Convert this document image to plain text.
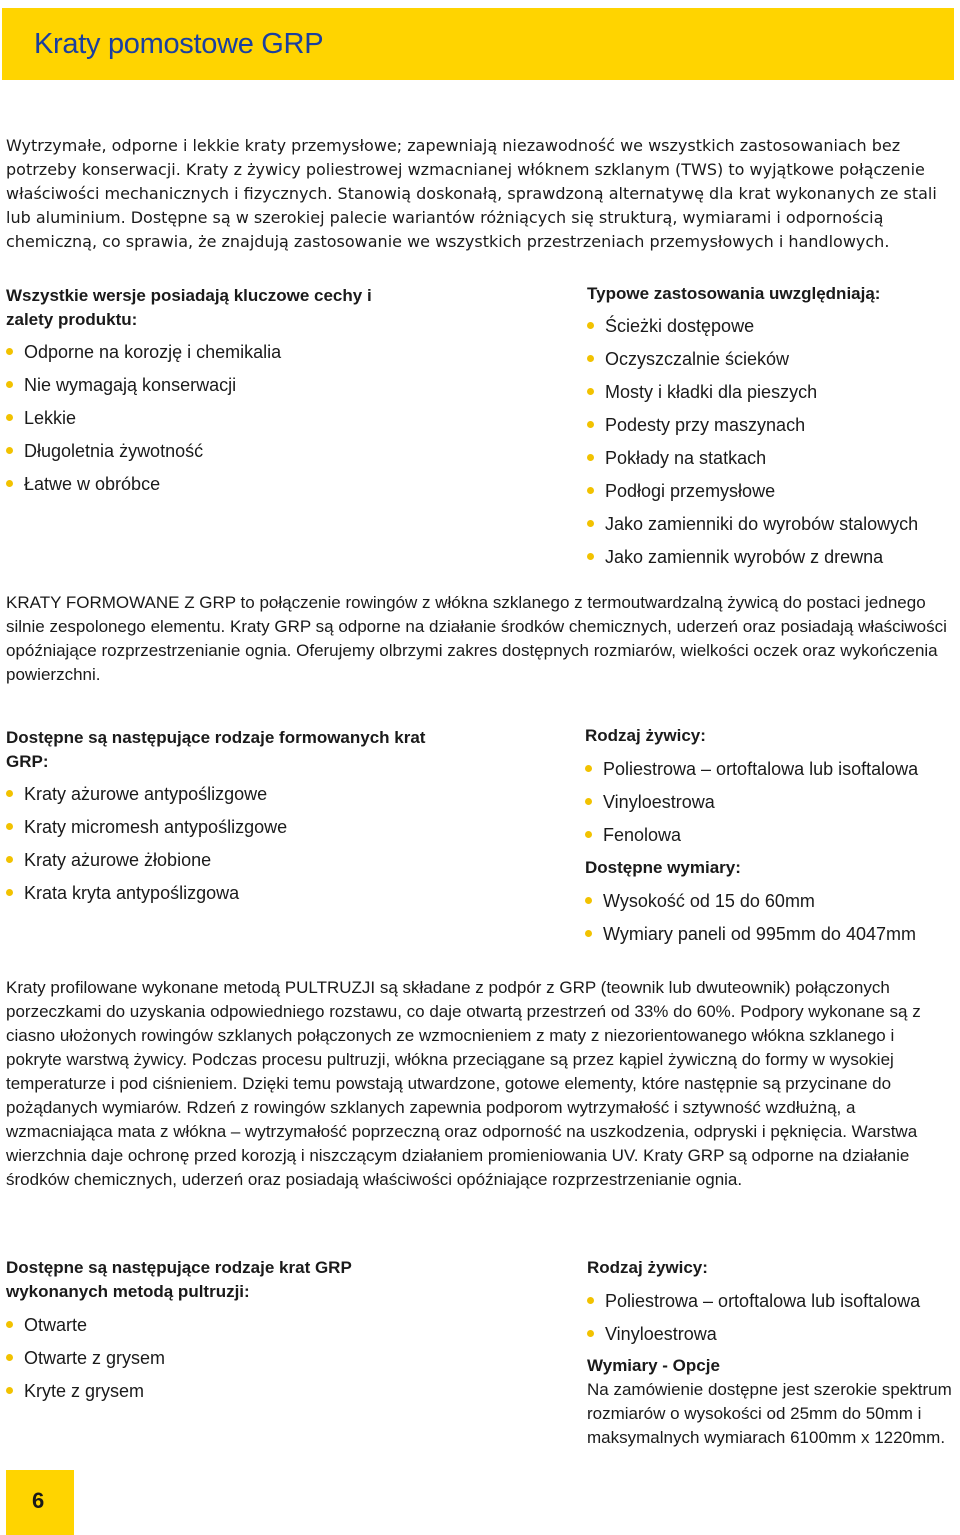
Kraty pomostowe GRP

Wytrzymałe, odporne i lekkie kraty przemysłowe; zapewniają niezawodność we wszystkich zastosowaniach bez potrzeby konserwacji. Kraty z żywicy poliestrowej wzmacnianej włóknem szklanym (TWS) to wyjątkowe połączenie właściwości mechanicznych i fizycznych. Stanowią doskonałą, sprawdzoną alternatywę dla krat wykonanych ze stali lub aluminium. Dostępne są w szerokiej palecie wariantów różniących się strukturą, wymiarami i odpornością chemiczną, co sprawia, że znajdują zastosowanie we wszystkich przestrzeniach przemysłowych i handlowych.

Wszystkie wersje posiadają kluczowe cechy i zalety produktu:

Odporne na korozję i chemikalia
Nie wymagają konserwacji
Lekkie
Długoletnia żywotność
Łatwe w obróbce

Typowe zastosowania uwzględniają:

Ścieżki dostępowe
Oczyszczalnie ścieków
Mosty i kładki dla pieszych
Podesty przy maszynach
Pokłady na statkach
Podłogi przemysłowe
Jako zamienniki do wyrobów stalowych
Jako zamiennik wyrobów z drewna

KRATY FORMOWANE Z GRP to połączenie rowingów z włókna szklanego z termoutwardzalną żywicą do postaci jednego silnie zespolonego elementu. Kraty GRP są odporne na działanie środków chemicznych, uderzeń oraz posiadają właściwości opóźniające rozprzestrzenianie ognia. Oferujemy olbrzymi zakres dostępnych rozmiarów, wielkości oczek oraz wykończenia powierzchni.

Dostępne są następujące rodzaje formowanych krat GRP:

Kraty ażurowe antypoślizgowe
Kraty micromesh antypoślizgowe
Kraty ażurowe żłobione
Krata kryta antypoślizgowa

Rodzaj żywicy:

Poliestrowa – ortoftalowa lub isoftalowa
Vinyloestrowa
Fenolowa

Dostępne wymiary:

Wysokość od 15 do 60mm
Wymiary paneli od 995mm do 4047mm

Kraty profilowane wykonane metodą PULTRUZJI są składane z podpór z GRP (teownik lub dwuteownik) połączonych porzeczkami do uzyskania odpowiedniego rozstawu, co daje otwartą przestrzeń od 33% do 60%. Podpory wykonane są z ciasno ułożonych rowingów szklanych połączonych ze wzmocnieniem z maty z niezorientowanego włókna szklanego i pokryte warstwą żywicy. Podczas procesu pultruzji, włókna przeciągane są przez kąpiel żywiczną do formy w wysokiej temperaturze i pod ciśnieniem. Dzięki temu powstają utwardzone, gotowe elementy, które następnie są przycinane do pożądanych wymiarów. Rdzeń z rowingów szklanych zapewnia podporom wytrzymałość i sztywność wzdłużną, a wzmacniająca mata z włókna – wytrzymałość poprzeczną oraz odporność na uszkodzenia, odpryski i pęknięcia. Warstwa wierzchnia daje ochronę przed korozją i niszczącym działaniem promieniowania UV. Kraty GRP są odporne na działanie środków chemicznych, uderzeń oraz posiadają właściwości opóźniające rozprzestrzenianie ognia.

Dostępne są następujące rodzaje krat GRP wykonanych metodą pultruzji:

Otwarte
Otwarte z grysem
Kryte z grysem

Rodzaj żywicy:

Poliestrowa – ortoftalowa lub isoftalowa
Vinyloestrowa

Wymiary - Opcje

Na zamówienie dostępne jest szerokie spektrum rozmiarów o wysokości od 25mm do 50mm i maksymalnych wymiarach 6100mm x 1220mm.

6
